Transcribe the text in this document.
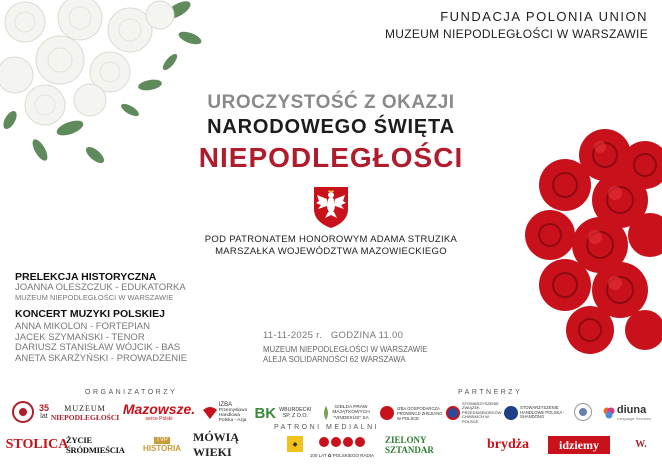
FUNDACJA POLONIA UNION
MUZEUM NIEPODLEGŁOŚCI W WARSZAWIE
UROCZYSTOŚĆ Z OKAZJI
NARODOWEGO ŚWIĘTA
NIEPODLEGŁOŚCI
POD PATRONATEM HONOROWYM ADAMA STRUZIKA
MARSZAŁKA WOJEWÓDZTWA MAZOWIECKIEGO
PRELEKCJA HISTORYCZNA
JOANNA OLESZCZUK - EDUKATORKA
MUZEUM NIEPODLEGŁOŚCI W WARSZAWIE
KONCERT MUZYKI POLSKIEJ
ANNA MIKOLON - FORTEPIAN
JACEK SZYMAŃSKI - TENOR
DARIUSZ STANISŁAW WÓJCIK - BAS
ANETA SKARŻYŃSKI - PROWADZENIE
11-11-2025 r. GODZINA 11.00
MUZEUM NIEPODLEGŁOŚCI W WARSZAWIE
ALEJA SOLIDARNOŚCI 62 WARSZAWA
ORGANIZATORZY	PARTNERZY
PATRONI MEDIALNI
35
lat
MUZEUM
NIEPODLEGŁOŚCI
Mazowsze.
serce Polski
IZBA
Przemysłowo
Handlowa
Polska - Azja BK WBURDECKI
SP. Z O.O.
GIEŁDA PRAW
MAJĄTKOWYCH
"VINDEXUS" SA
IZBA GOSPODARCZA PROWINCJI ZHEJIANG W POLSCE
STOWARZYSZENIE ZWIĄZEK PRZEDSIĘBIORCÓW CHIŃSKICH W POLSCE
STOWARZYSZENIE HANDLOWE POLSKA - SHANDONG
diuna
Language Services
STOLICA
ŻYCIE ŚRÓDMIEŚCIA
TVP
HISTORIA
MÓWIĄ WIEKI
◆
100 LAT ✿ POLSKIEGO RADIA
ZIELONY SZTANDAR	brydża	idziemy	W.
